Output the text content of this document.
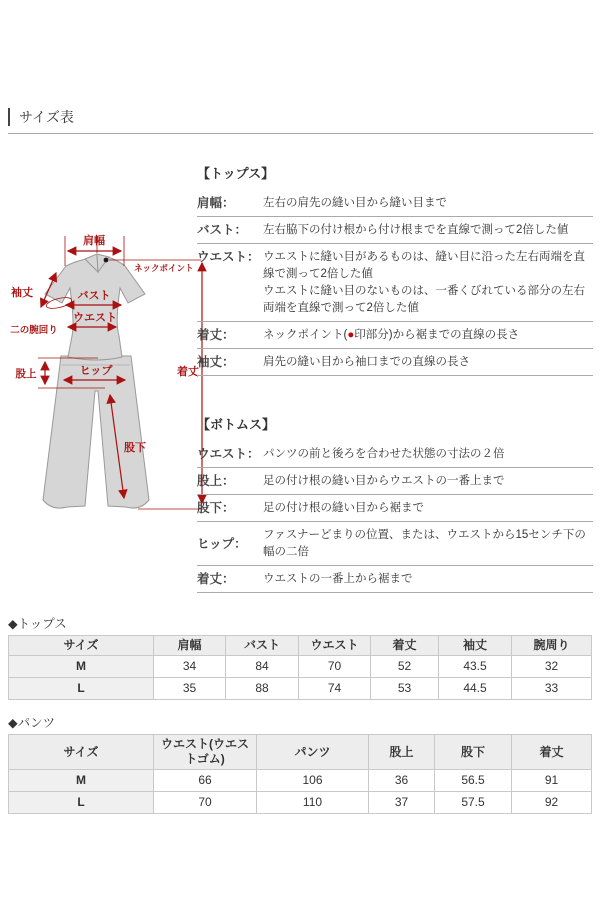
サイズ表
肩幅
ネックポイント
着丈
袖丈	バスト
ウエスト
二の腕回り
股上	ヒップ
股下
【トップス】
肩幅：	左右の肩先の縫い目から縫い目まで

バスト：	左右脇下の付け根から付け根までを直線で測って2倍した値

ウエスト： ウエストに縫い目があるものは、縫い目に沿った左右両端を直線で測って2倍した値

ウエストに縫い目のないものは、一番くびれている部分の左右両端を直線で測って2倍した値

着丈：	ネックポイント(●印部分)から裾までの直線の長さ

袖丈：	肩先の縫い目から袖口までの直線の長さ

【ボトムス】
ウエスト： パンツの前と後ろを合わせた状態の寸法の２倍

股上：	足の付け根の縫い目からウエストの一番上まで

股下：	足の付け根の縫い目から裾まで

ヒップ：

ファスナーどまりの位置、または、ウエストから15センチ下の幅の二倍

着丈：	ウエストの一番上から裾まで

◆トップス
サイズ	肩幅	バスト	ウエスト	着丈	袖丈	腕周り
M	34	84	70	52	43.5	32
L	35	88	74	53	44.5	33
◆パンツ
サイズ	ウエスト(ウエストゴム)	パンツ	股上	股下	着丈
M	66	106	36	56.5	91
L	70	110	37	57.5	92
